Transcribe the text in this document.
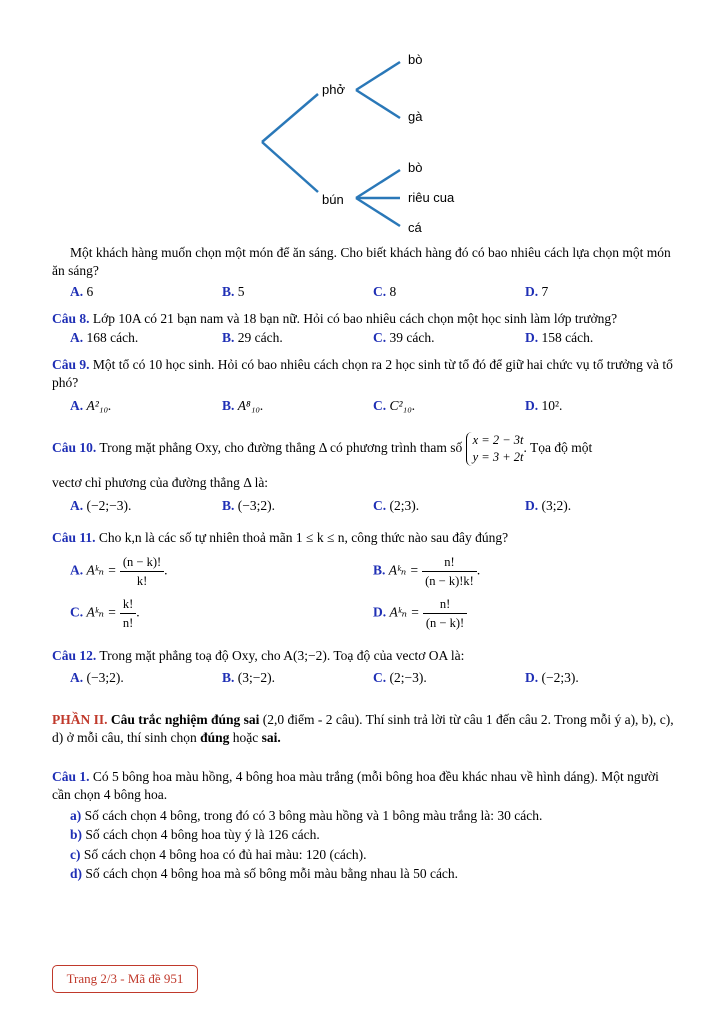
phở
bún
bò
gà
bò
riêu cua
cá
Một khách hàng muốn chọn một món để ăn sáng. Cho biết khách hàng đó có bao nhiêu cách lựa chọn một món ăn sáng?
A. 6	B. 5	C. 8	D. 7
Câu 8. Lớp 10A có 21 bạn nam và 18 bạn nữ. Hỏi có bao nhiêu cách chọn một học sinh làm lớp trưởng?
A. 168 cách.	B. 29 cách.	C. 39 cách.	D. 158 cách.
Câu 9. Một tổ có 10 học sinh. Hỏi có bao nhiêu cách chọn ra 2 học sinh từ tổ đó để giữ hai chức vụ tổ trưởng và tổ phó?
A. A²₁₀.	B. A⁸₁₀.	C. C²₁₀.	D. 10².
Câu 10. Trong mặt phẳng Oxy, cho đường thẳng Δ có phương trình tham số
x = 2 − 3t
y = 3 + 2t
. Tọa độ một
vectơ chỉ phương của đường thẳng Δ là:
A. (−2;−3).	B. (−3;2).	C. (2;3).	D. (3;2).
Câu 11. Cho k,n là các số tự nhiên thoả mãn 1 ≤ k ≤ n, công thức nào sau đây đúng?
A. Aᵏₙ = $\frac{(n - k)!}{k!}$ .	B. Aᵏₙ = $\frac{n!}{(n - k)!k!}$ .
C. Aᵏₙ = $\frac{k!}{n!}$ .	D. Aᵏₙ = $\frac{n!}{(n - k)!}$
Câu 12. Trong mặt phẳng toạ độ Oxy, cho A(3;−2). Toạ độ của vectơ OA là:
A. (−3;2).	B. (3;−2).	C. (2;−3).	D. (−2;3).
PHẦN II. Câu trắc nghiệm đúng sai (2,0 điểm - 2 câu). Thí sinh trả lời từ câu 1 đến câu 2. Trong mỗi ý a), b), c), d) ở mỗi câu, thí sinh chọn đúng hoặc sai.
Câu 1. Có 5 bông hoa màu hồng, 4 bông hoa màu trắng (mỗi bông hoa đều khác nhau về hình dáng). Một người cần chọn 4 bông hoa.
a) Số cách chọn 4 bông, trong đó có 3 bông màu hồng và 1 bông màu trắng là: 30 cách.
b) Số cách chọn 4 bông hoa tùy ý là 126 cách.
c) Số cách chọn 4 bông hoa có đủ hai màu: 120 (cách).
d) Số cách chọn 4 bông hoa mà số bông mỗi màu bằng nhau là 50 cách.
Trang 2/3 - Mã đề 951
